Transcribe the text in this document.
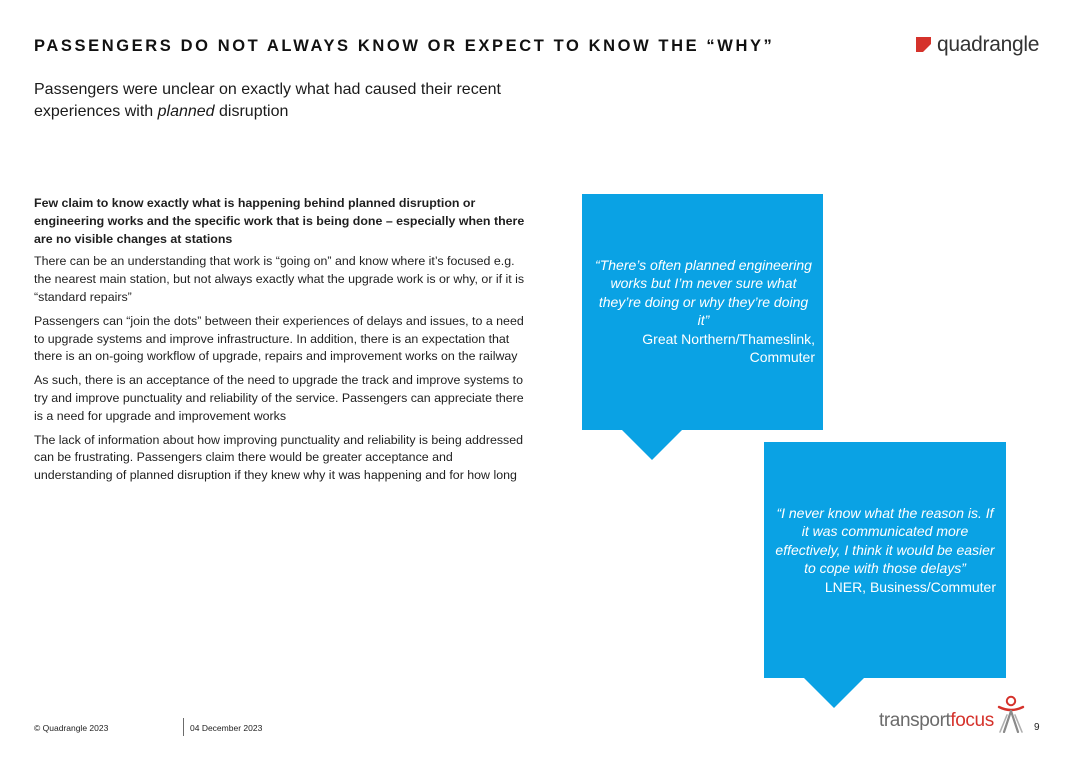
PASSENGERS DO NOT ALWAYS KNOW OR EXPECT TO KNOW THE “WHY”	quadrangle
Passengers were unclear on exactly what had caused their recent experiences with planned disruption

Few claim to know exactly what is happening behind planned disruption or engineering works and the specific work that is being done – especially when there are no visible changes at stations

There can be an understanding that work is “going on” and know where it’s focused e.g. the nearest main station, but not always exactly what the upgrade work is or why, or if it is “standard repairs”

Passengers can “join the dots” between their experiences of delays and issues, to a need to upgrade systems and improve infrastructure. In addition, there is an expectation that there is an on-going workflow of upgrade, repairs and improvement works on the railway

As such, there is an acceptance of the need to upgrade the track and improve systems to try and improve punctuality and reliability of the service. Passengers can appreciate there is a need for upgrade and improvement works

The lack of information about how improving punctuality and reliability is being addressed can be frustrating. Passengers claim there would be greater acceptance and understanding of planned disruption if they knew why it was happening and for how long

“There’s often planned engineering works but I’m never sure what they’re doing or why they’re doing it”
Great Northern/Thameslink, Commuter
“I never know what the reason is. If it was communicated more effectively, I think it would be easier to cope with those delays”
LNER, Business/Commuter
© Quadrangle 2023	04 December 2023	transportfocus	9
